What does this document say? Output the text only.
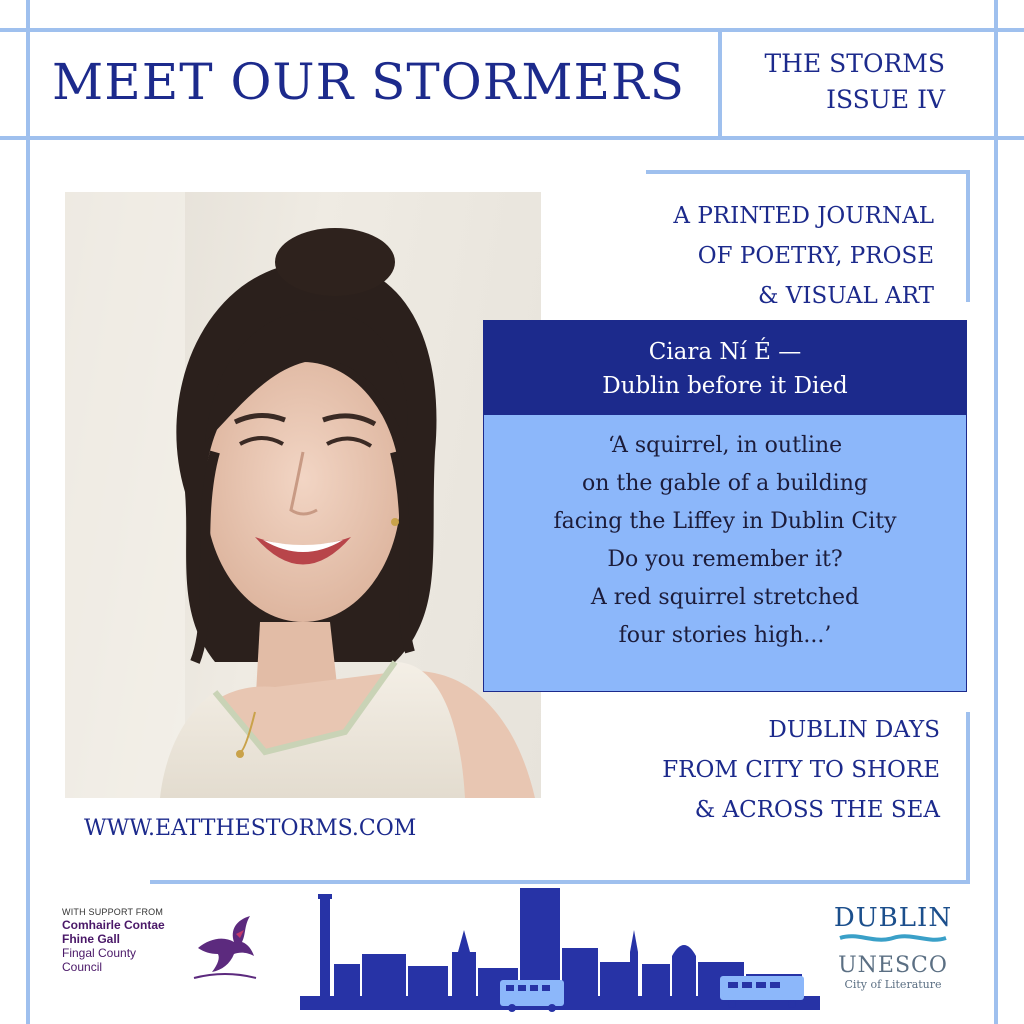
MEET OUR STORMERS	THE STORMS
ISSUE IV
A PRINTED JOURNAL
OF POETRY, PROSE
& VISUAL ART
Ciara Ní É —
Dublin before it Died
‘A squirrel, in outline
on the gable of a building
facing the Liffey in Dublin City
Do you remember it?
A red squirrel stretched
four stories high...’
DUBLIN DAYS
FROM CITY TO SHORE
& ACROSS THE SEA
WWW.EATTHESTORMS.COM
WITH SUPPORT FROM
Comhairle Contae
Fhine Gall
Fingal County
Council
DUBLIN
UNESCO
City of Literature
